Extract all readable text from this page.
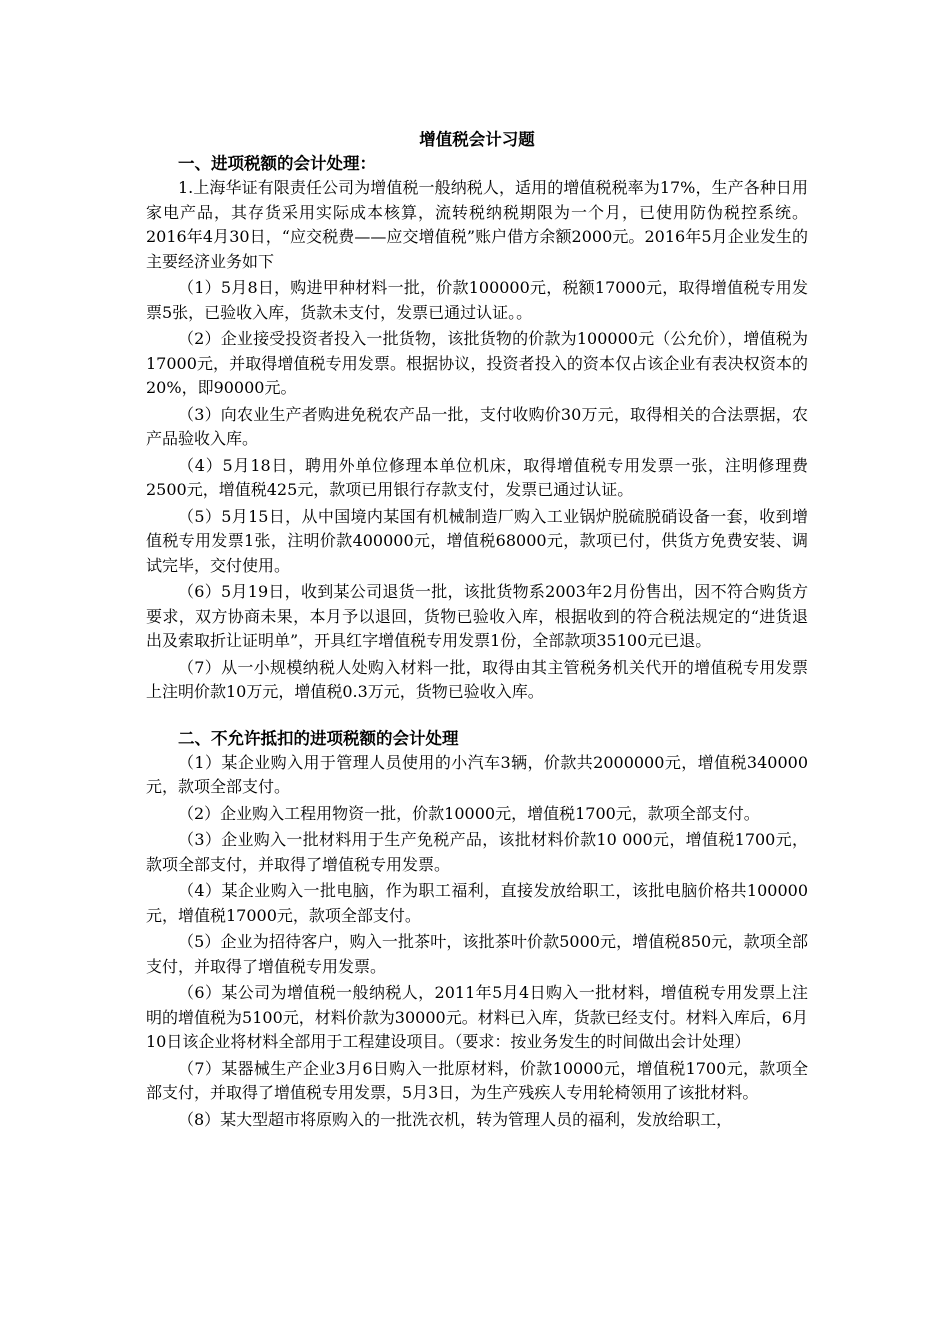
增值税会计习题
一、进项税额的会计处理：

1.上海华证有限责任公司为增值税一般纳税人，适用的增值税税率为17%，生产各种日用家电产品，其存货采用实际成本核算，流转税纳税期限为一个月，已使用防伪税控系统。2016年4月30日，“应交税费——应交增值税”账户借方余额2000元。2016年5月企业发生的主要经济业务如下

（1）5月8日，购进甲种材料一批，价款100000元，税额17000元，取得增值税专用发票5张，已验收入库，货款未支付，发票已通过认证。。

（2）企业接受投资者投入一批货物，该批货物的价款为100000元（公允价），增值税为17000元，并取得增值税专用发票。根据协议，投资者投入的资本仅占该企业有表决权资本的20%，即90000元。

（3）向农业生产者购进免税农产品一批，支付收购价30万元，取得相关的合法票据，农产品验收入库。

（4）5月18日，聘用外单位修理本单位机床，取得增值税专用发票一张，注明修理费2500元，增值税425元，款项已用银行存款支付，发票已通过认证。

（5）5月15日，从中国境内某国有机械制造厂购入工业锅炉脱硫脱硝设备一套，收到增值税专用发票1张，注明价款400000元，增值税68000元，款项已付，供货方免费安装、调试完毕，交付使用。

（6）5月19日，收到某公司退货一批，该批货物系2003年2月份售出，因不符合购货方要求，双方协商未果，本月予以退回，货物已验收入库，根据收到的符合税法规定的“进货退出及索取折让证明单”，开具红字增值税专用发票1份，全部款项35100元已退。

（7）从一小规模纳税人处购入材料一批，取得由其主管税务机关代开的增值税专用发票上注明价款10万元，增值税0.3万元，货物已验收入库。

二、不允许抵扣的进项税额的会计处理

（1）某企业购入用于管理人员使用的小汽车3辆，价款共2000000元，增值税340000元，款项全部支付。

（2）企业购入工程用物资一批，价款10000元，增值税1700元，款项全部支付。

（3）企业购入一批材料用于生产免税产品，该批材料价款10 000元，增值税1700元，款项全部支付，并取得了增值税专用发票。

（4）某企业购入一批电脑，作为职工福利，直接发放给职工，该批电脑价格共100000元，增值税17000元，款项全部支付。

（5）企业为招待客户，购入一批茶叶，该批茶叶价款5000元，增值税850元，款项全部支付，并取得了增值税专用发票。

（6）某公司为增值税一般纳税人，2011年5月4日购入一批材料，增值税专用发票上注明的增值税为5100元，材料价款为30000元。材料已入库，货款已经支付。材料入库后，6月10日该企业将材料全部用于工程建设项目。（要求：按业务发生的时间做出会计处理）

（7）某器械生产企业3月6日购入一批原材料，价款10000元，增值税1700元，款项全部支付，并取得了增值税专用发票，5月3日，为生产残疾人专用轮椅领用了该批材料。

（8）某大型超市将原购入的一批洗衣机，转为管理人员的福利，发放给职工，
